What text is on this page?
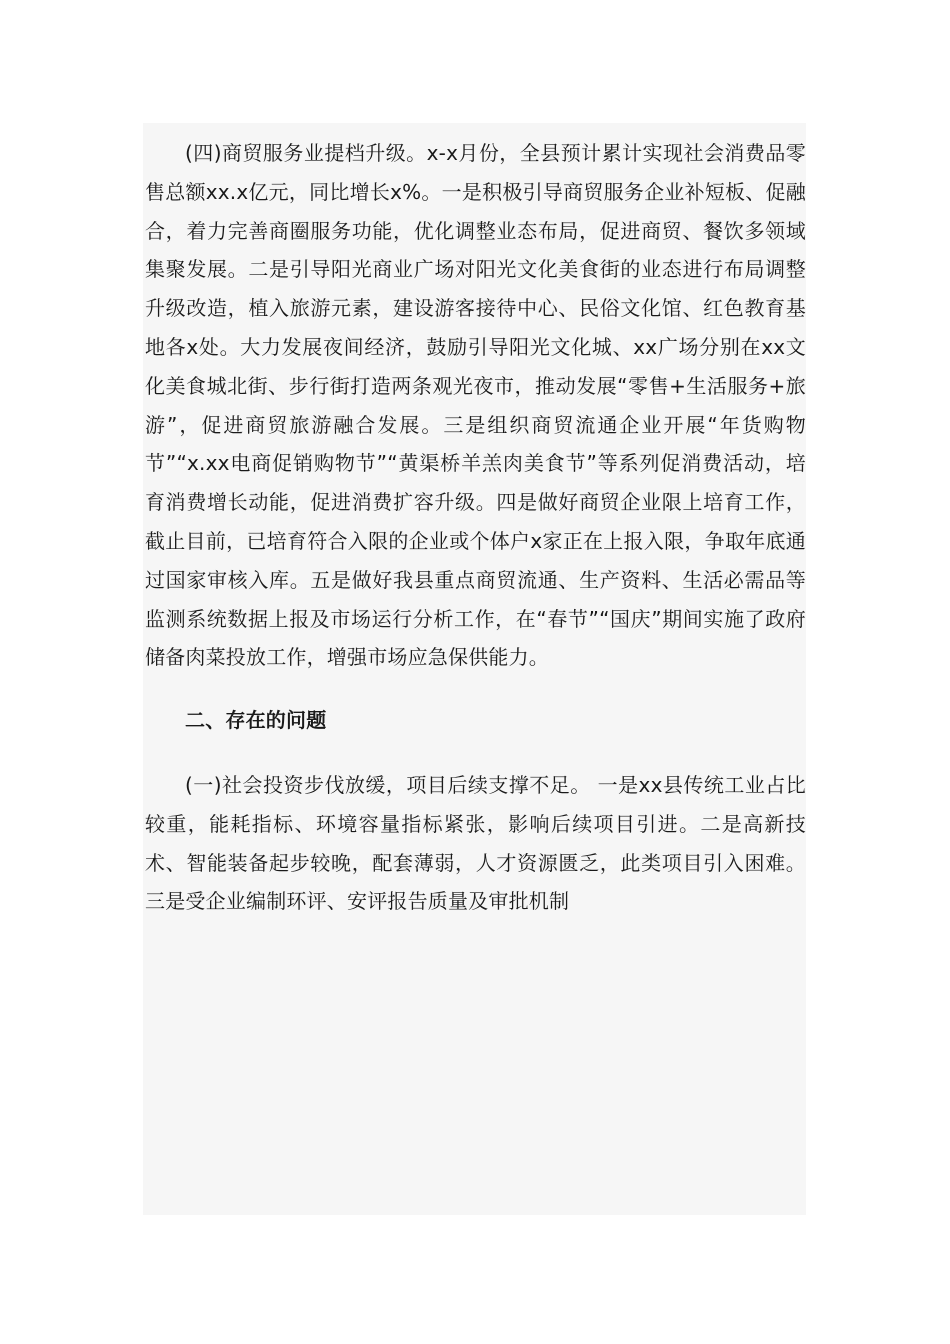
(四)商贸服务业提档升级。x-x月份，全县预计累计实现社会消费品零售总额xx.x亿元，同比增长x%。一是积极引导商贸服务企业补短板、促融合，着力完善商圈服务功能，优化调整业态布局，促进商贸、餐饮多领域集聚发展。二是引导阳光商业广场对阳光文化美食街的业态进行布局调整升级改造，植入旅游元素，建设游客接待中心、民俗文化馆、红色教育基地各x处。大力发展夜间经济，鼓励引导阳光文化城、xx广场分别在xx文化美食城北街、步行街打造两条观光夜市，推动发展“零售+生活服务+旅游”，促进商贸旅游融合发展。三是组织商贸流通企业开展“年货购物节”“x.xx电商促销购物节”“黄渠桥羊羔肉美食节”等系列促消费活动，培育消费增长动能，促进消费扩容升级。四是做好商贸企业限上培育工作，截止目前，已培育符合入限的企业或个体户x家正在上报入限，争取年底通过国家审核入库。五是做好我县重点商贸流通、生产资料、生活必需品等监测系统数据上报及市场运行分析工作，在“春节”“国庆”期间实施了政府储备肉菜投放工作，增强市场应急保供能力。

二、存在的问题

(一)社会投资步伐放缓，项目后续支撑不足。 一是xx县传统工业占比较重，能耗指标、环境容量指标紧张，影响后续项目引进。二是高新技术、智能装备起步较晚，配套薄弱，人才资源匮乏，此类项目引入困难。三是受企业编制环评、安评报告质量及审批机制
